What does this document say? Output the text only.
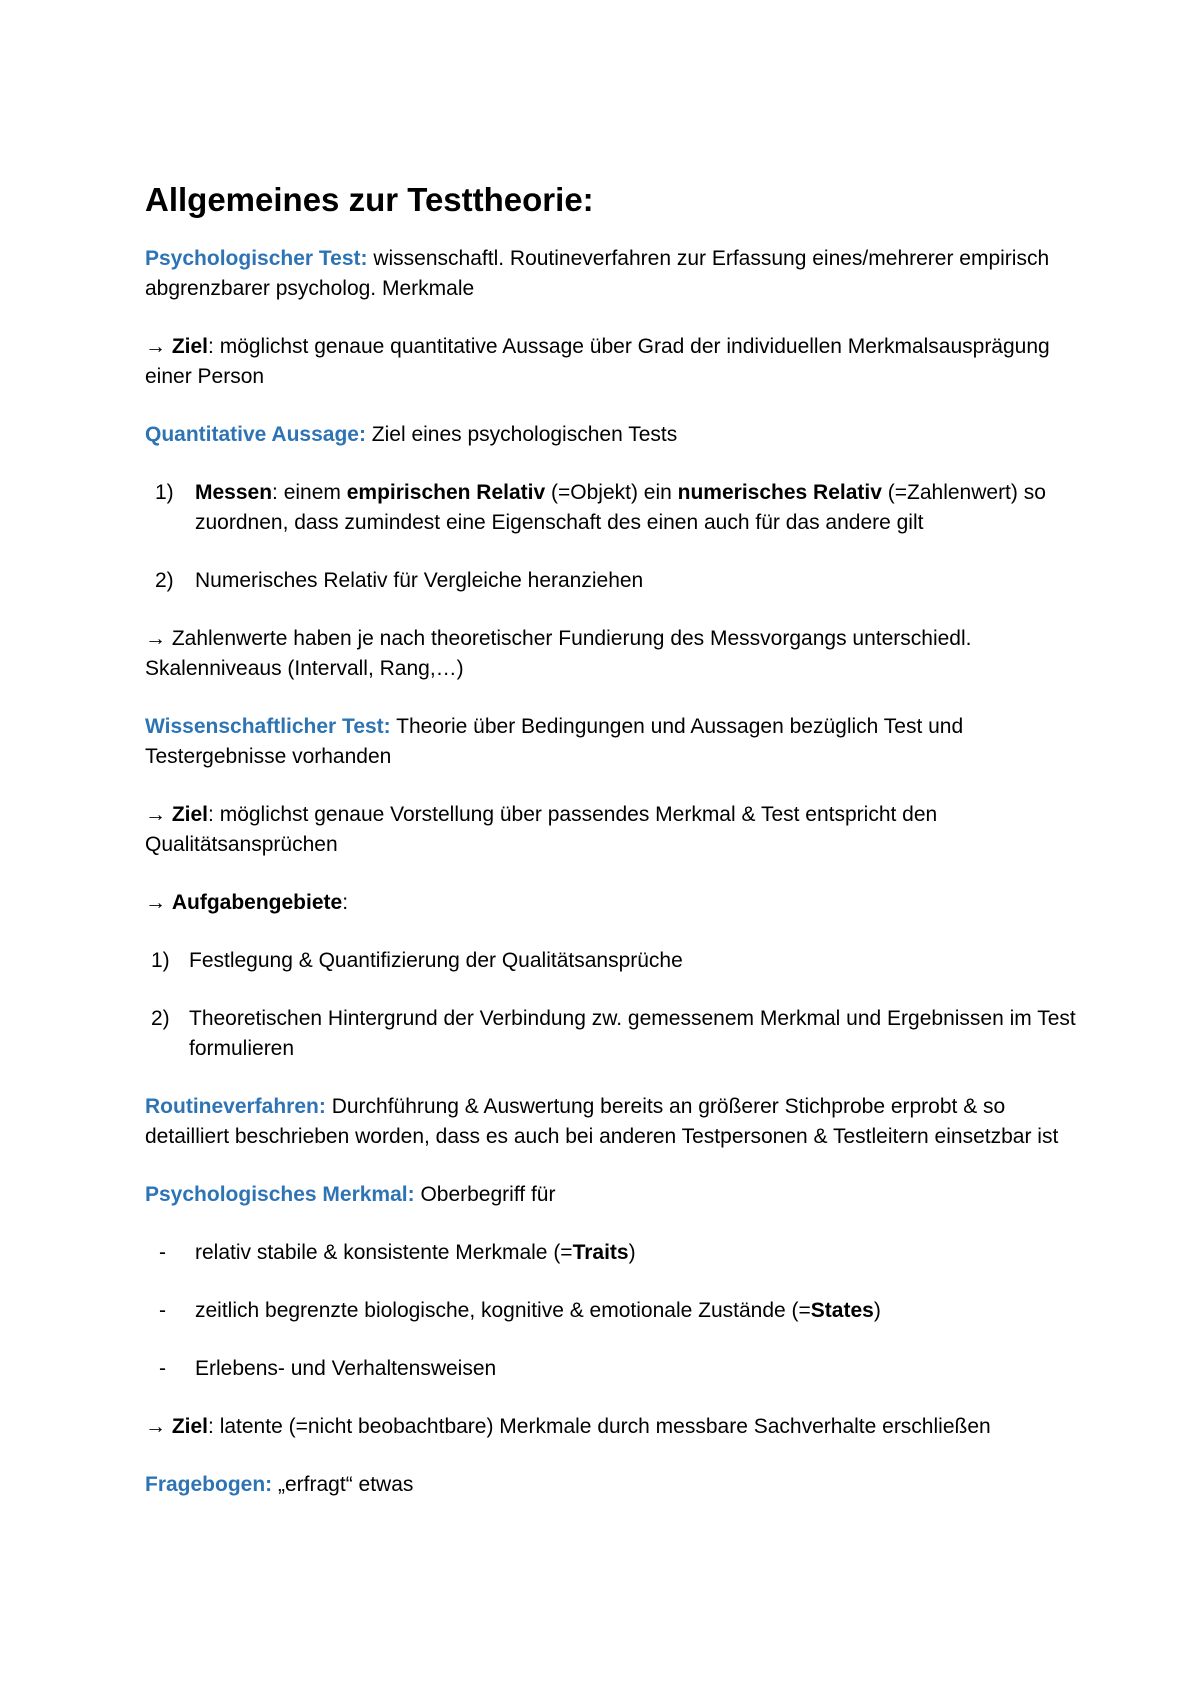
Allgemeines zur Testtheorie:
Psychologischer Test: wissenschaftl. Routineverfahren zur Erfassung eines/mehrerer empirisch abgrenzbarer psycholog. Merkmale
→ Ziel: möglichst genaue quantitative Aussage über Grad der individuellen Merkmalsausprägung einer Person
Quantitative Aussage: Ziel eines psychologischen Tests
1) Messen: einem empirischen Relativ (=Objekt) ein numerisches Relativ (=Zahlenwert) so zuordnen, dass zumindest eine Eigenschaft des einen auch für das andere gilt
2) Numerisches Relativ für Vergleiche heranziehen
→ Zahlenwerte haben je nach theoretischer Fundierung des Messvorgangs unterschiedl. Skalenniveaus (Intervall, Rang,…)
Wissenschaftlicher Test: Theorie über Bedingungen und Aussagen bezüglich Test und Testergebnisse vorhanden
→ Ziel: möglichst genaue Vorstellung über passendes Merkmal & Test entspricht den Qualitätsansprüchen
→ Aufgabengebiete:
1) Festlegung & Quantifizierung der Qualitätsansprüche
2) Theoretischen Hintergrund der Verbindung zw. gemessenem Merkmal und Ergebnissen im Test formulieren
Routineverfahren: Durchführung & Auswertung bereits an größerer Stichprobe erprobt & so detailliert beschrieben worden, dass es auch bei anderen Testpersonen & Testleitern einsetzbar ist
Psychologisches Merkmal: Oberbegriff für
- relativ stabile & konsistente Merkmale (=Traits)
- zeitlich begrenzte biologische, kognitive & emotionale Zustände (=States)
- Erlebens- und Verhaltensweisen
→ Ziel: latente (=nicht beobachtbare) Merkmale durch messbare Sachverhalte erschließen
Fragebogen: „erfragt“ etwas
